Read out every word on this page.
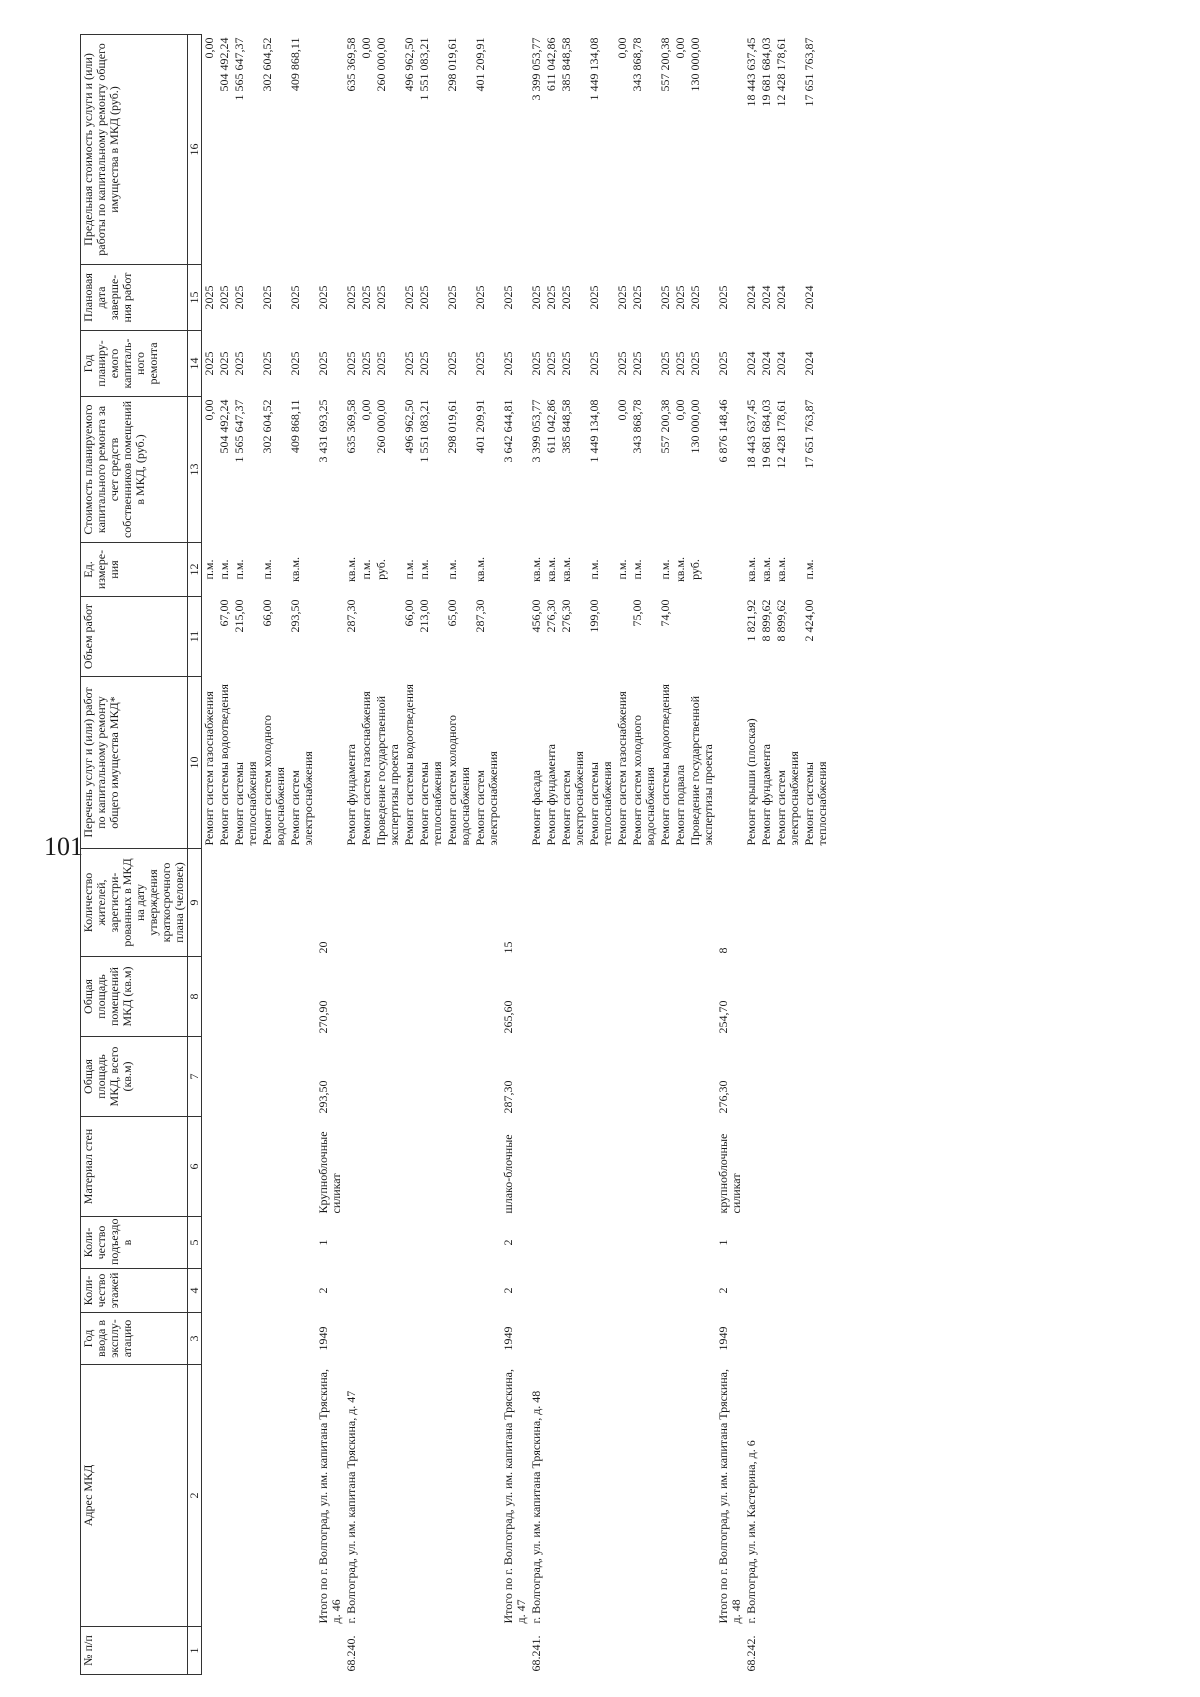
101
№ п/п	Адрес МКД	Год ввода в эксплу- атацию	Коли- чество этажей	Коли- чество подъездо в	Материал стен	Общая площадь МКД, всего (кв.м)	Общая площадь помещений МКД (кв.м)	Количество жителей, зарегистри- рованных в МКД на дату утверждения краткосрочного плана (человек)	Перечень услуг и (или) работ по капитальному ремонту общего имущества МКД*	Объем работ	Ед. измере- ния	Стоимость планируемого капитального ремонта за счет средств собственников помещений в МКД, (руб.)	Год планиру- емого капиталь- ного ремонта	Плановая дата заверше- ния работ	Предельная стоимость услуги и (или) работы по капитальному ремонту общего имущества в МКД (руб.)
1	2	3	4	5	6	7	8	9	10	11	12	13	14	15	16
									Ремонт систем газоснабжения		п.м.	0,00	2025	2025	0,00
									Ремонт системы водоотведения	67,00	п.м.	504 492,24	2025	2025	504 492,24
									Ремонт системы теплоснабжения	215,00	п.м.	1 565 647,37	2025	2025	1 565 647,37
									Ремонт систем холодного водоснабжения	66,00	п.м.	302 604,52	2025	2025	302 604,52
									Ремонт систем электроснабжения	293,50	кв.м.	409 868,11	2025	2025	409 868,11
	Итого по г. Волгоград, ул. им. капитана Тряскина, д. 46	1949	2	1	Крупноблочные силикат	293,50	270,90	20				3 431 693,25	2025	2025	
68.240.	г. Волгоград, ул. им. капитана Тряскина, д. 47								Ремонт фундамента	287,30	кв.м.	635 369,58	2025	2025	635 369,58
									Ремонт систем газоснабжения		п.м.	0,00	2025	2025	0,00
									Проведение государственной экспертизы проекта		руб.	260 000,00	2025	2025	260 000,00
									Ремонт системы водоотведения	66,00	п.м.	496 962,50	2025	2025	496 962,50
									Ремонт системы теплоснабжения	213,00	п.м.	1 551 083,21	2025	2025	1 551 083,21
									Ремонт систем холодного водоснабжения	65,00	п.м.	298 019,61	2025	2025	298 019,61
									Ремонт систем электроснабжения	287,30	кв.м.	401 209,91	2025	2025	401 209,91
	Итого по г. Волгоград, ул. им. капитана Тряскина, д. 47	1949	2	2	шлако-блочные	287,30	265,60	15				3 642 644,81	2025	2025	
68.241.	г. Волгоград, ул. им. капитана Тряскина, д. 48								Ремонт фасада	456,00	кв.м.	3 399 053,77	2025	2025	3 399 053,77
									Ремонт фундамента	276,30	кв.м.	611 042,86	2025	2025	611 042,86
									Ремонт систем электроснабжения	276,30	кв.м.	385 848,58	2025	2025	385 848,58
									Ремонт системы теплоснабжения	199,00	п.м.	1 449 134,08	2025	2025	1 449 134,08
									Ремонт систем газоснабжения		п.м.	0,00	2025	2025	0,00
									Ремонт систем холодного водоснабжения	75,00	п.м.	343 868,78	2025	2025	343 868,78
									Ремонт системы водоотведения	74,00	п.м.	557 200,38	2025	2025	557 200,38
									Ремонт подвала		кв.м.	0,00	2025	2025	0,00
									Проведение государственной экспертизы проекта		руб.	130 000,00	2025	2025	130 000,00
	Итого по г. Волгоград, ул. им. капитана Тряскина, д. 48	1949	2	1	крупноблочные силикат	276,30	254,70	8				6 876 148,46	2025	2025	
68.242.	г. Волгоград, ул. им. Кастерина, д. 6								Ремонт крыши (плоская)	1 821,92	кв.м.	18 443 637,45	2024	2024	18 443 637,45
									Ремонт фундамента	8 899,62	кв.м.	19 681 684,03	2024	2024	19 681 684,03
									Ремонт систем электроснабжения	8 899,62	кв.м.	12 428 178,61	2024	2024	12 428 178,61
									Ремонт системы теплоснабжения	2 424,00	п.м.	17 651 763,87	2024	2024	17 651 763,87
